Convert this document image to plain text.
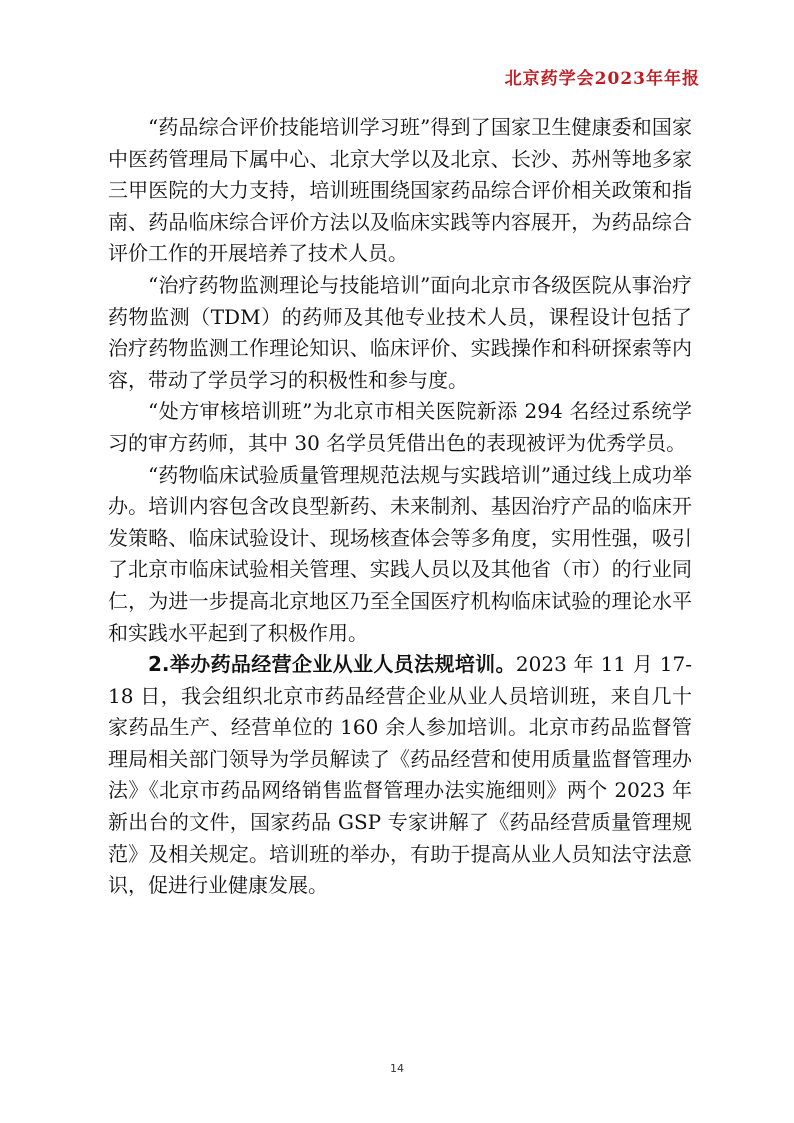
北京药学会2023年年报

“药品综合评价技能培训学习班”得到了国家卫生健康委和国家中医药管理局下属中心、北京大学以及北京、长沙、苏州等地多家三甲医院的大力支持，培训班围绕国家药品综合评价相关政策和指南、药品临床综合评价方法以及临床实践等内容展开，为药品综合评价工作的开展培养了技术人员。

“治疗药物监测理论与技能培训”面向北京市各级医院从事治疗药物监测（TDM）的药师及其他专业技术人员，课程设计包括了治疗药物监测工作理论知识、临床评价、实践操作和科研探索等内容，带动了学员学习的积极性和参与度。

“处方审核培训班”为北京市相关医院新添 294 名经过系统学习的审方药师，其中 30 名学员凭借出色的表现被评为优秀学员。

“药物临床试验质量管理规范法规与实践培训”通过线上成功举办。培训内容包含改良型新药、未来制剂、基因治疗产品的临床开发策略、临床试验设计、现场核查体会等多角度，实用性强，吸引了北京市临床试验相关管理、实践人员以及其他省（市）的行业同仁，为进一步提高北京地区乃至全国医疗机构临床试验的理论水平和实践水平起到了积极作用。

2.举办药品经营企业从业人员法规培训。2023 年 11 月 17-18 日，我会组织北京市药品经营企业从业人员培训班，来自几十家药品生产、经营单位的 160 余人参加培训。北京市药品监督管理局相关部门领导为学员解读了《药品经营和使用质量监督管理办法》《北京市药品网络销售监督管理办法实施细则》两个 2023 年新出台的文件，国家药品 GSP 专家讲解了《药品经营质量管理规范》及相关规定。培训班的举办，有助于提高从业人员知法守法意识，促进行业健康发展。

14
